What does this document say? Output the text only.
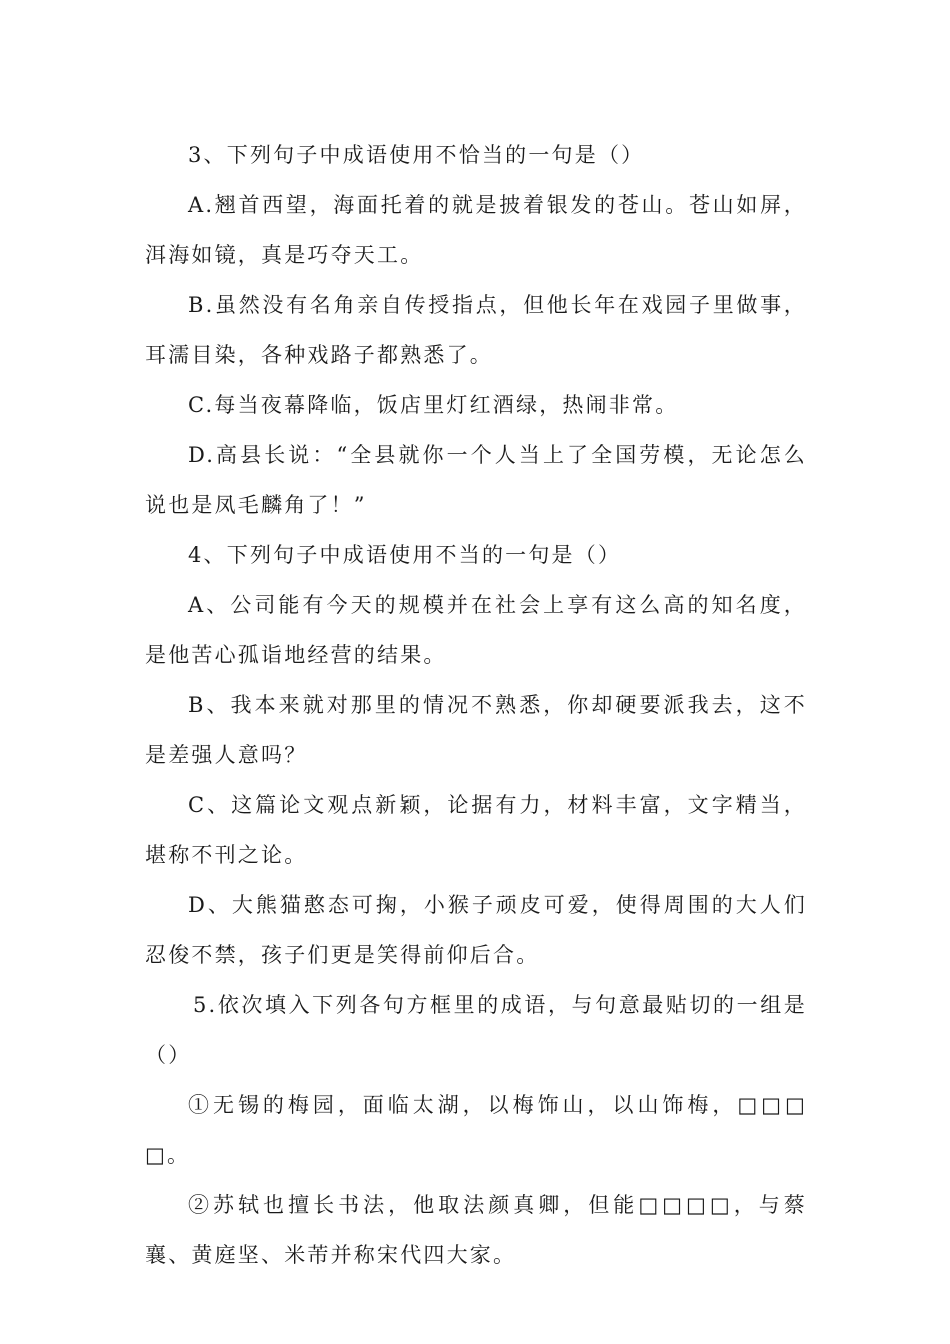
3、下列句子中成语使用不恰当的一句是（）

A.翘首西望，海面托着的就是披着银发的苍山。苍山如屏，洱海如镜，真是巧夺天工。

B.虽然没有名角亲自传授指点，但他长年在戏园子里做事，耳濡目染，各种戏路子都熟悉了。

C.每当夜幕降临，饭店里灯红酒绿，热闹非常。

D.高县长说：“全县就你一个人当上了全国劳模，无论怎么说也是凤毛麟角了！”

4、下列句子中成语使用不当的一句是（）

A、公司能有今天的规模并在社会上享有这么高的知名度，是他苦心孤诣地经营的结果。

B、我本来就对那里的情况不熟悉，你却硬要派我去，这不是差强人意吗？

C、这篇论文观点新颖，论据有力，材料丰富，文字精当，堪称不刊之论。

D、大熊猫憨态可掬，小猴子顽皮可爱，使得周围的大人们忍俊不禁，孩子们更是笑得前仰后合。

5.依次填入下列各句方框里的成语，与句意最贴切的一组是（）

①无锡的梅园，面临太湖，以梅饰山，以山饰梅，□□□□。

②苏轼也擅长书法，他取法颜真卿，但能□□□□，与蔡襄、黄庭坚、米芾并称宋代四大家。
